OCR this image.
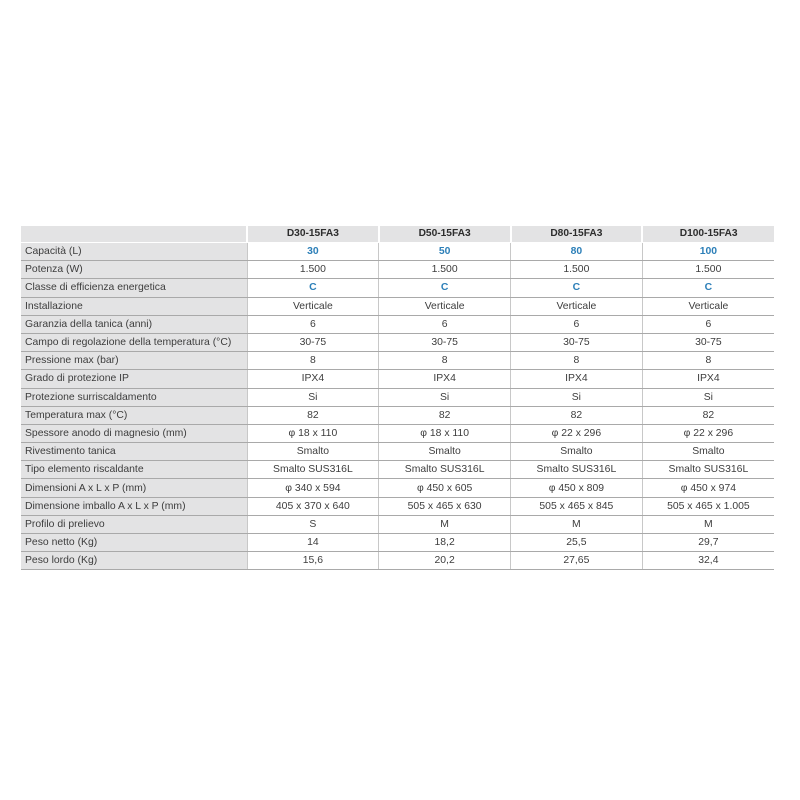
	D30-15FA3	D50-15FA3	D80-15FA3	D100-15FA3
Capacità (L)	30	50	80	100
Potenza (W)	1.500	1.500	1.500	1.500
Classe di efficienza energetica	C	C	C	C
Installazione	Verticale	Verticale	Verticale	Verticale
Garanzia della tanica (anni)	6	6	6	6
Campo di regolazione della temperatura (°C)	30-75	30-75	30-75	30-75
Pressione max (bar)	8	8	8	8
Grado di protezione IP	IPX4	IPX4	IPX4	IPX4
Protezione surriscaldamento	Si	Si	Si	Si
Temperatura max (°C)	82	82	82	82
Spessore anodo di magnesio (mm)	φ 18 x 110	φ 18 x 110	φ 22 x 296	φ 22 x 296
Rivestimento tanica	Smalto	Smalto	Smalto	Smalto
Tipo elemento riscaldante	Smalto SUS316L	Smalto SUS316L	Smalto SUS316L	Smalto SUS316L
Dimensioni A x L x P (mm)	φ 340 x 594	φ 450 x 605	φ 450 x 809	φ 450 x 974
Dimensione imballo A x L x P (mm)	405 x 370 x 640	505 x 465 x 630	505 x 465 x 845	505 x 465 x 1.005
Profilo di prelievo	S	M	M	M
Peso netto (Kg)	14	18,2	25,5	29,7
Peso lordo (Kg)	15,6	20,2	27,65	32,4
